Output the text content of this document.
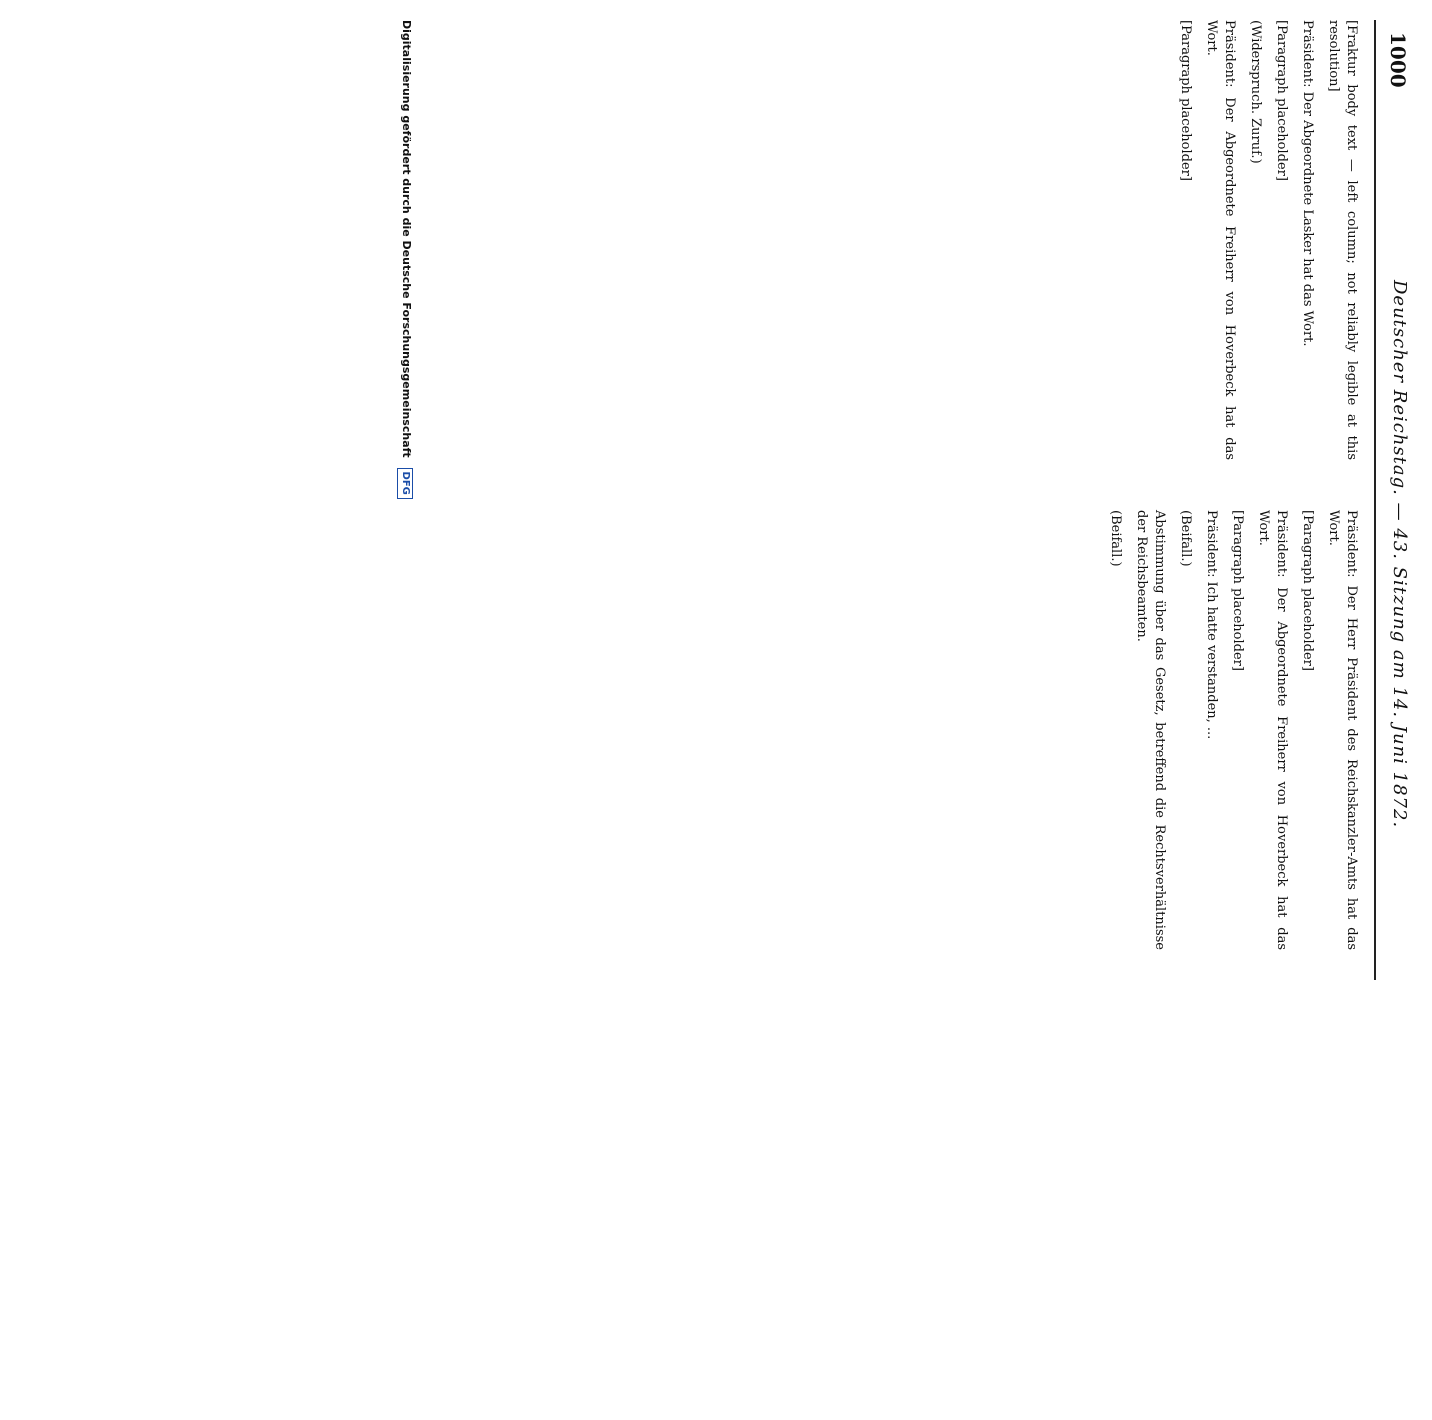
1000
Deutscher Reichstag. — 43. Sitzung am 14. Juni 1872.

[Fraktur body text — left column; not reliably legible at this resolution]

Präsident: Der Abgeordnete Lasker hat das Wort.

[Paragraph placeholder]

(Widerspruch. Zuruf.)

Präsident: Der Abgeordnete Freiherr von Hoverbeck hat das Wort.

[Paragraph placeholder]

Präsident: Der Herr Präsident des Reichskanzler-Amts hat das Wort.

[Paragraph placeholder]

Präsident: Der Abgeordnete Freiherr von Hoverbeck hat das Wort.

[Paragraph placeholder]

Präsident: Ich hatte verstanden, ...

(Beifall.)

Abstimmung über das Gesetz, betreffend die Rechtsverhältnisse der Reichsbeamten.

(Beifall.)

Digitalisierung gefördert durch die Deutsche Forschungsgemeinschaft DFG
